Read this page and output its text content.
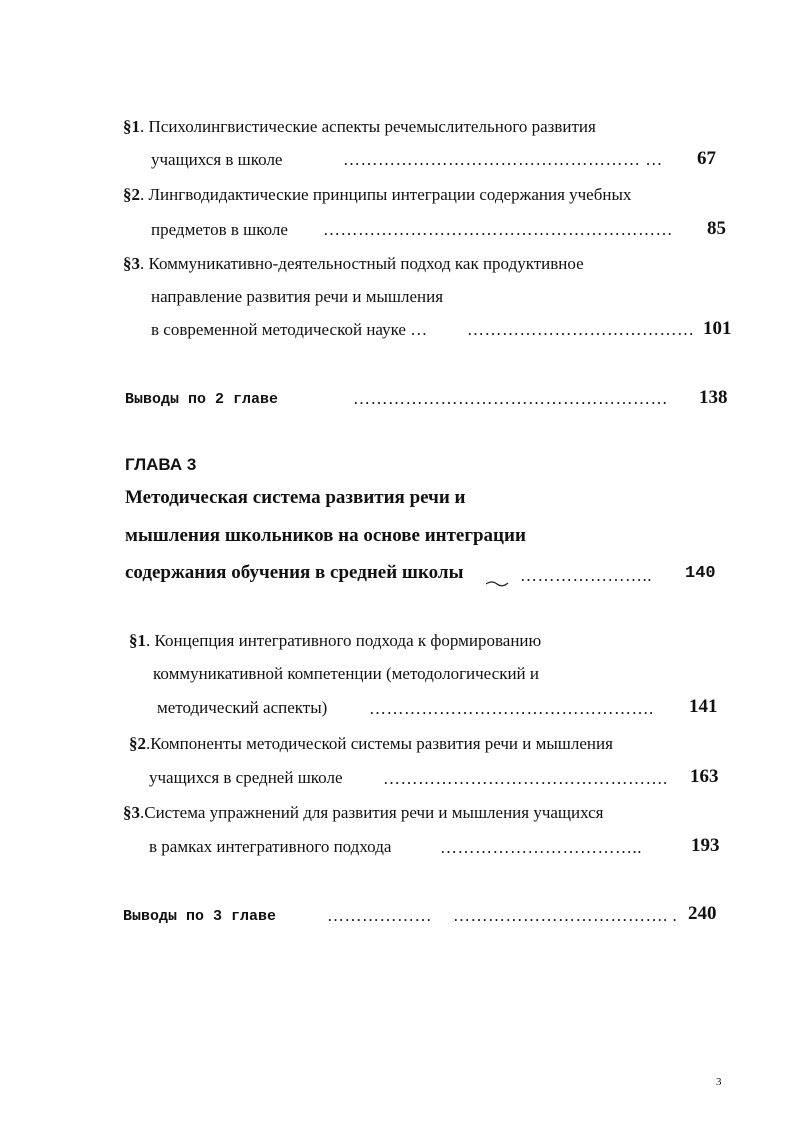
§1. Психолингвистические аспекты речемыслительного развития
учащихся в школе	…………………………………………… … 67
§2. Лингводидактические принципы интеграции содержания учебных
предметов в школе …………………………………………………… 85
§3. Коммуникативно-деятельностный подход как продуктивное
направление развития речи и мышления
в современной методической науке … ………………………………… 101
Выводы по 2 главе	……………………………………………… 138
ГЛАВА 3
Методическая система развития речи и
мышления школьников на основе интеграции
содержания обучения в средней школы	………………….. 140
§1. Концепция интегративного подхода к формированию
коммуникативной компетенции (методологический и
методический аспекты) …………………………………………. 141
§2.Компоненты методической системы развития речи и мышления
учащихся в средней школе …………………………………………. 163
§3.Система упражнений для развития речи и мышления учащихся
в рамках интегративного подхода	……………………………..	193
Выводы по 3 главе	……………… ………………………………. . 240
3
